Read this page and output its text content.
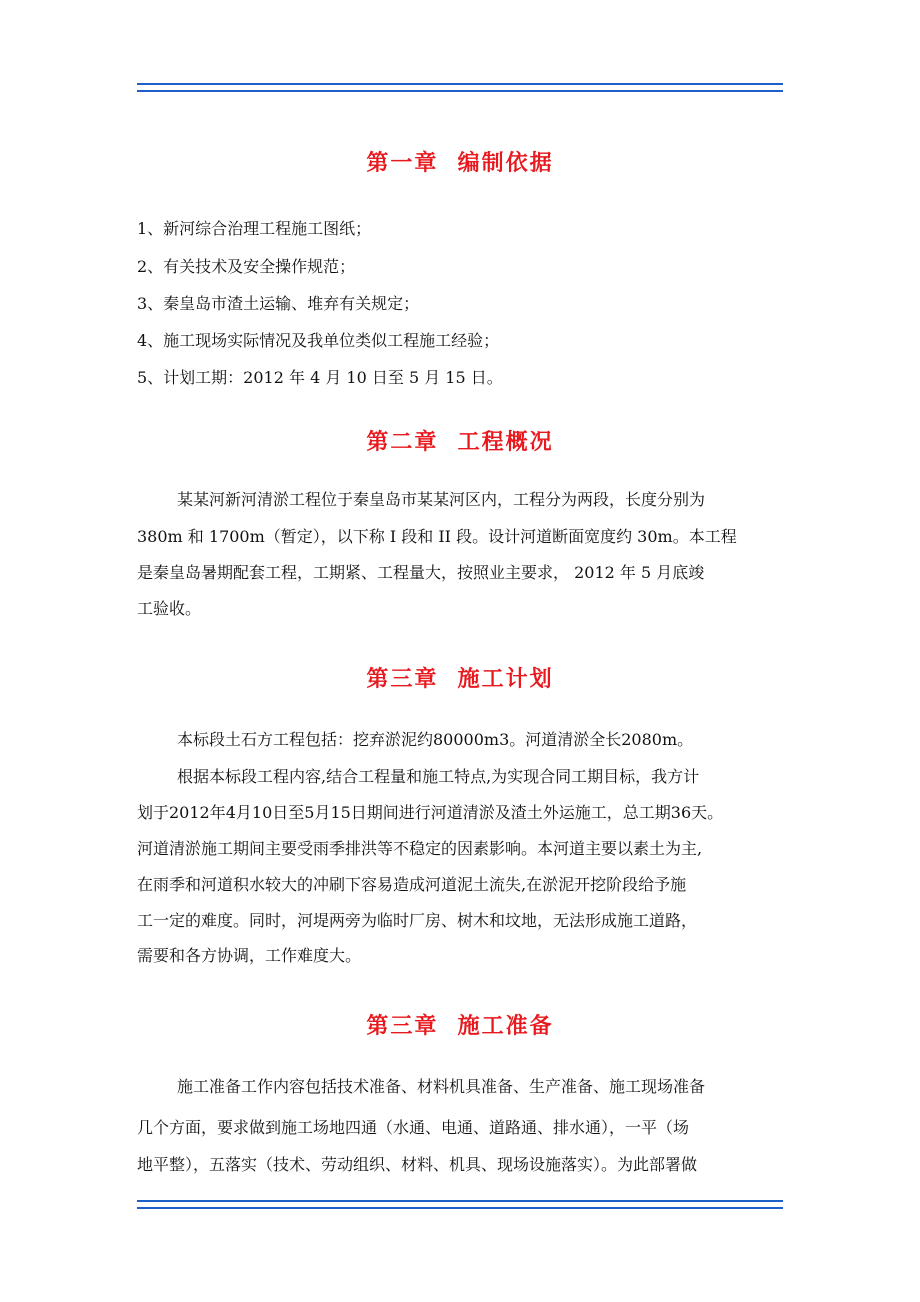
第一章  编制依据
1、新河综合治理工程施工图纸；
2、有关技术及安全操作规范；
3、秦皇岛市渣土运输、堆弃有关规定；
4、施工现场实际情况及我单位类似工程施工经验；
5、计划工期：2012 年 4 月 10 日至 5 月 15 日。
第二章  工程概况
某某河新河清淤工程位于秦皇岛市某某河区内，工程分为两段，长度分别为
380m 和 1700m（暂定），以下称 I 段和 II 段。设计河道断面宽度约 30m。本工程
是秦皇岛暑期配套工程，工期紧、工程量大，按照业主要求， 2012 年 5 月底竣
工验收。
第三章  施工计划
本标段土石方工程包括：挖弃淤泥约80000m3。河道清淤全长2080m。
根据本标段工程内容,结合工程量和施工特点,为实现合同工期目标，我方计
划于2012年4月10日至5月15日期间进行河道清淤及渣土外运施工，总工期36天。
河道清淤施工期间主要受雨季排洪等不稳定的因素影响。本河道主要以素土为主,
在雨季和河道积水较大的冲刷下容易造成河道泥土流失,在淤泥开挖阶段给予施
工一定的难度。同时，河堤两旁为临时厂房、树木和坟地，无法形成施工道路，
需要和各方协调，工作难度大。
第三章  施工准备
施工准备工作内容包括技术准备、材料机具准备、生产准备、施工现场准备
几个方面，要求做到施工场地四通（水通、电通、道路通、排水通），一平（场
地平整），五落实（技术、劳动组织、材料、机具、现场设施落实）。为此部署做
